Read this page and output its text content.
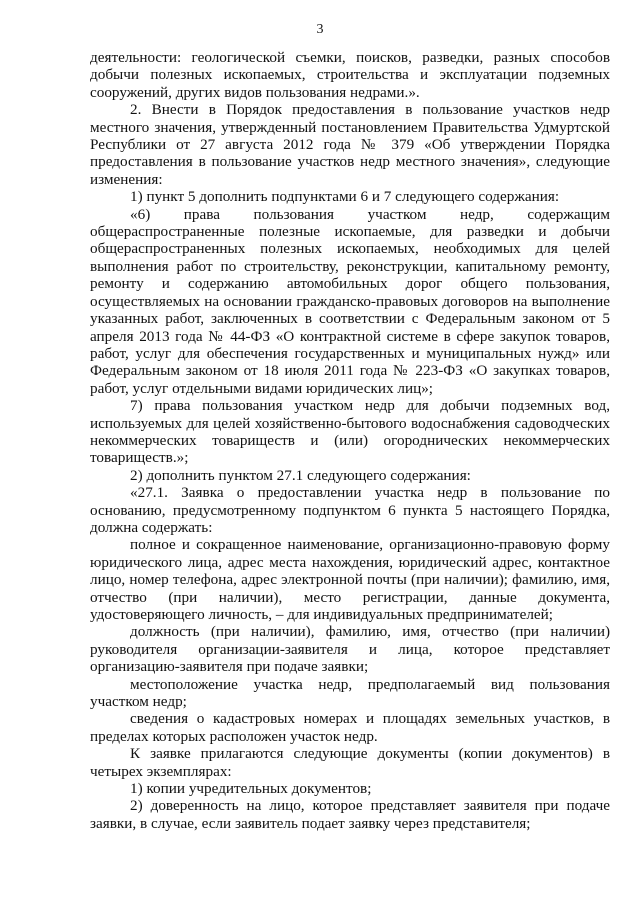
3

деятельности: геологической съемки, поисков, разведки, разных способов добычи полезных ископаемых, строительства и эксплуатации подземных сооружений, других видов пользования недрами.».

2. Внести в Порядок предоставления в пользование участков недр местного значения, утвержденный постановлением Правительства Удмуртской Республики от 27 августа 2012 года № 379 «Об утверждении Порядка предоставления в пользование участков недр местного значения», следующие изменения:

1) пункт 5 дополнить подпунктами 6 и 7 следующего содержания:

«6) права пользования участком недр, содержащим общераспространенные полезные ископаемые, для разведки и добычи общераспространенных полезных ископаемых, необходимых для целей выполнения работ по строительству, реконструкции, капитальному ремонту, ремонту и содержанию автомобильных дорог общего пользования, осуществляемых на основании гражданско-правовых договоров на выполнение указанных работ, заключенных в соответствии с Федеральным законом от 5 апреля 2013 года № 44-ФЗ «О контрактной системе в сфере закупок товаров, работ, услуг для обеспечения государственных и муниципальных нужд» или Федеральным законом от 18 июля 2011 года № 223-ФЗ «О закупках товаров, работ, услуг отдельными видами юридических лиц»;

7) права пользования участком недр для добычи подземных вод, используемых для целей хозяйственно-бытового водоснабжения садоводческих некоммерческих товариществ и (или) огороднических некоммерческих товариществ.»;

2) дополнить пунктом 27.1 следующего содержания:

«27.1. Заявка о предоставлении участка недр в пользование по основанию, предусмотренному подпунктом 6 пункта 5 настоящего Порядка, должна содержать:

полное и сокращенное наименование, организационно-правовую форму юридического лица, адрес места нахождения, юридический адрес, контактное лицо, номер телефона, адрес электронной почты (при наличии); фамилию, имя, отчество (при наличии), место регистрации, данные документа, удостоверяющего личность, – для индивидуальных предпринимателей;

должность (при наличии), фамилию, имя, отчество (при наличии) руководителя организации-заявителя и лица, которое представляет организацию-заявителя при подаче заявки;

местоположение участка недр, предполагаемый вид пользования участком недр;

сведения о кадастровых номерах и площадях земельных участков, в пределах которых расположен участок недр.

К заявке прилагаются следующие документы (копии документов) в четырех экземплярах:

1) копии учредительных документов;

2) доверенность на лицо, которое представляет заявителя при подаче заявки, в случае, если заявитель подает заявку через представителя;
